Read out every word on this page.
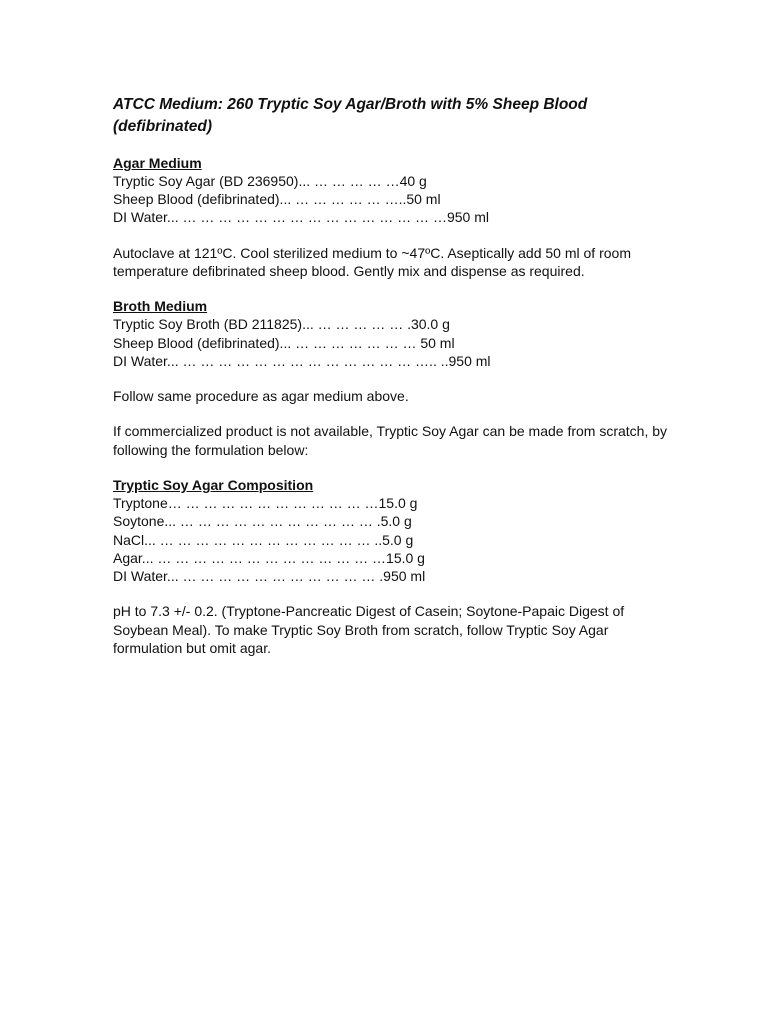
ATCC Medium: 260 Tryptic Soy Agar/Broth with 5% Sheep Blood (defibrinated)

Agar Medium

Tryptic Soy Agar (BD 236950)... … … … … …40 g

Sheep Blood (defibrinated)... … … … … … …..50 ml

DI Water... … … … … … … … … … … … … … … …950 ml

Autoclave at 121ºC. Cool sterilized medium to ~47ºC. Aseptically add 50 ml of room temperature defibrinated sheep blood. Gently mix and dispense as required.

Broth Medium

Tryptic Soy Broth (BD 211825)... … … … … … .30.0 g

Sheep Blood (defibrinated)... … … … … … … … 50 ml

DI Water... … … … … … … … … … … … … … ….. ..950 ml

Follow same procedure as agar medium above.

If commercialized product is not available, Tryptic Soy Agar can be made from scratch, by following the formulation below:

Tryptic Soy Agar Composition

Tryptone… … … … … … … … … … … …15.0 g

Soytone... … … … … … … … … … … … .5.0 g

NaCl... … … … … … … … … … … … … ..5.0 g

Agar... … … … … … … … … … … … … …15.0 g

DI Water... … … … … … … … … … … … .950 ml

pH to 7.3 +/- 0.2. (Tryptone-Pancreatic Digest of Casein; Soytone-Papaic Digest of Soybean Meal). To make Tryptic Soy Broth from scratch, follow Tryptic Soy Agar formulation but omit agar.
